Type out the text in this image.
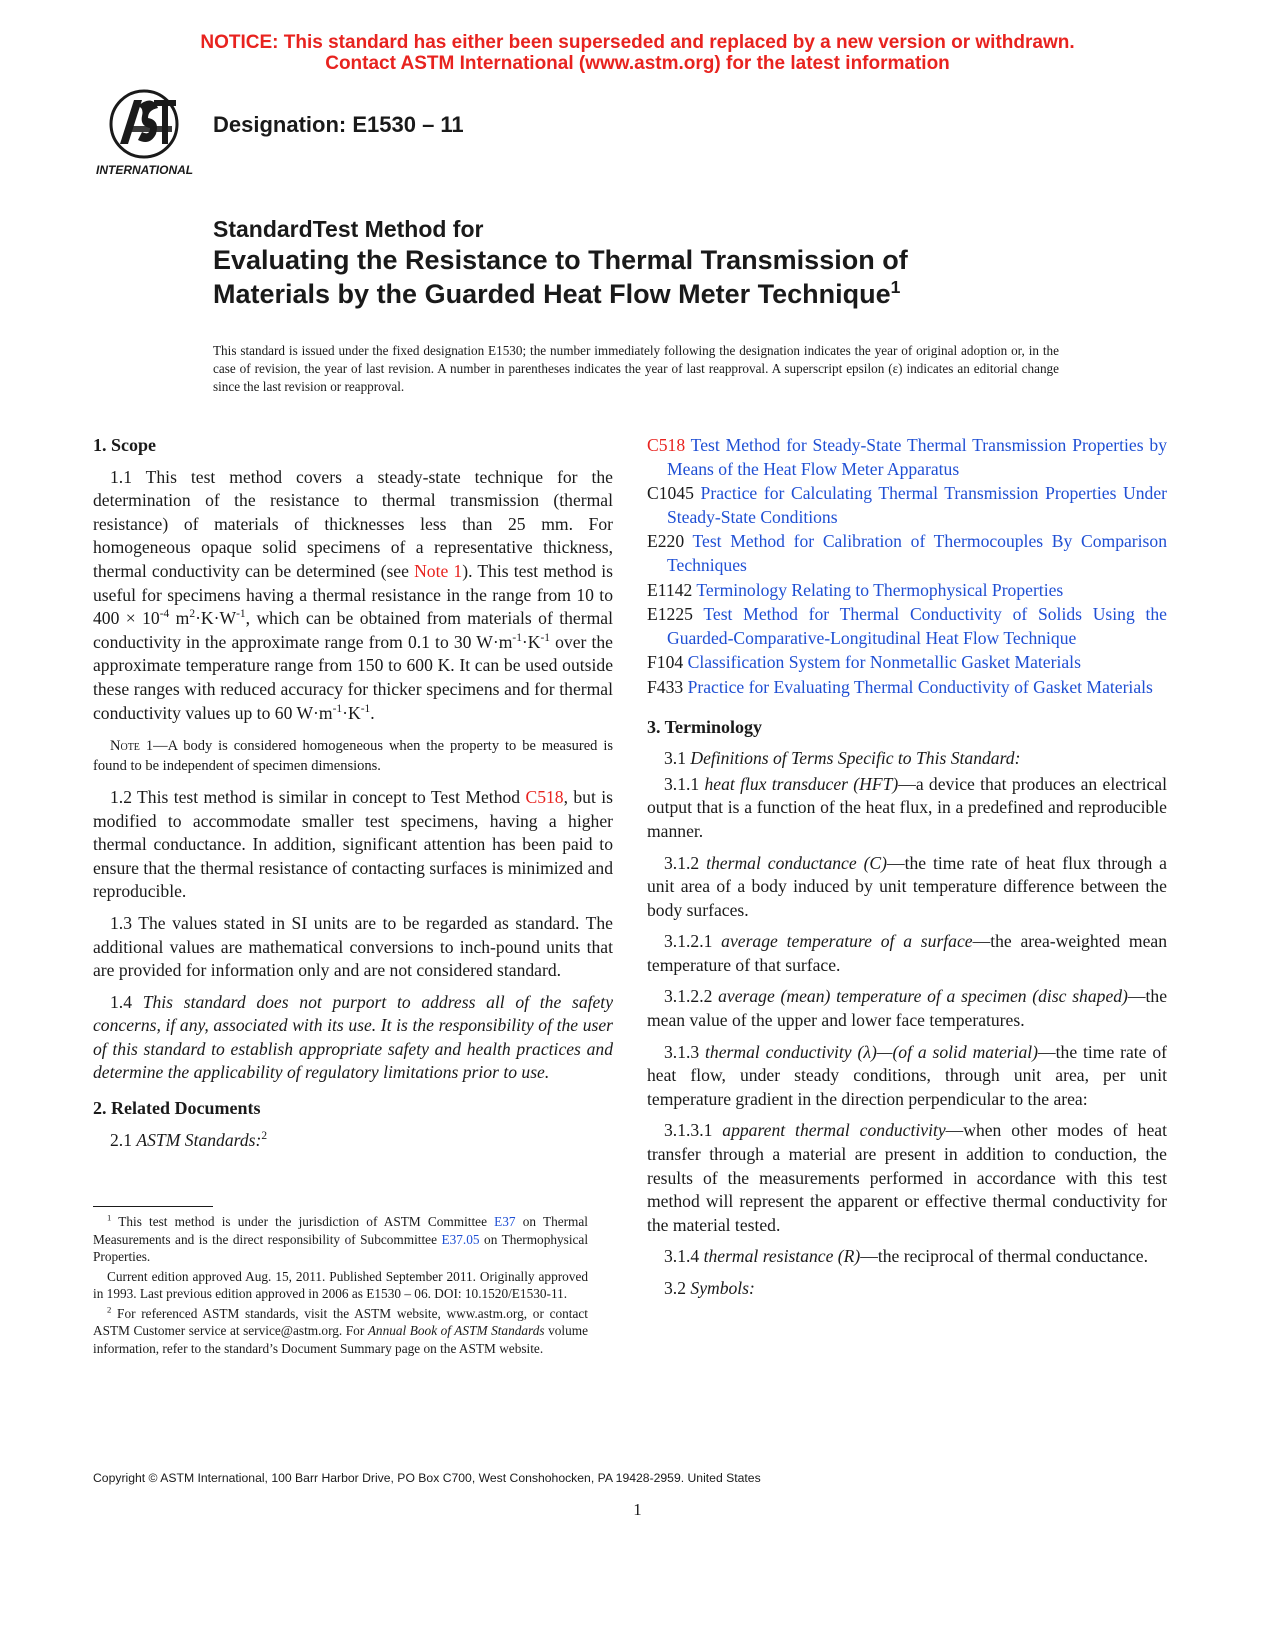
NOTICE: This standard has either been superseded and replaced by a new version or withdrawn.
Contact ASTM International (www.astm.org) for the latest information
INTERNATIONAL
Designation: E1530 – 11
StandardTest Method for
Evaluating the Resistance to Thermal Transmission of
Materials by the Guarded Heat Flow Meter Technique$^1$
This standard is issued under the fixed designation E1530; the number immediately following the designation indicates the year of original adoption or, in the case of revision, the year of last revision. A number in parentheses indicates the year of last reapproval. A superscript epsilon (ε) indicates an editorial change since the last revision or reapproval.
1. Scope

1.1 This test method covers a steady-state technique for the determination of the resistance to thermal transmission (thermal resistance) of materials of thicknesses less than 25 mm. For homogeneous opaque solid specimens of a representative thickness, thermal conductivity can be determined (see Note 1). This test method is useful for specimens having a thermal resistance in the range from 10 to $400 \times 10^{-4}$ $m^2\cdot K\cdot W^{-1}$, which can be obtained from materials of thermal conductivity in the approximate range from 0.1 to 30 $W\cdot m^{-1}\cdot K^{-1}$ over the approximate temperature range from 150 to 600 K. It can be used outside these ranges with reduced accuracy for thicker specimens and for thermal conductivity values up to 60 $W\cdot m^{-1}\cdot K^{-1}$.

Note 1—A body is considered homogeneous when the property to be measured is found to be independent of specimen dimensions.

1.2 This test method is similar in concept to Test Method C518, but is modified to accommodate smaller test specimens, having a higher thermal conductance. In addition, significant attention has been paid to ensure that the thermal resistance of contacting surfaces is minimized and reproducible.

1.3 The values stated in SI units are to be regarded as standard. The additional values are mathematical conversions to inch-pound units that are provided for information only and are not considered standard.

1.4 This standard does not purport to address all of the safety concerns, if any, associated with its use. It is the responsibility of the user of this standard to establish appropriate safety and health practices and determine the applicability of regulatory limitations prior to use.

2. Related Documents

2.1 ASTM Standards:$^2$

$^1$ This test method is under the jurisdiction of ASTM Committee E37 on Thermal Measurements and is the direct responsibility of Subcommittee E37.05 on Thermophysical Properties.

Current edition approved Aug. 15, 2011. Published September 2011. Originally approved in 1993. Last previous edition approved in 2006 as E1530 – 06. DOI: 10.1520/E1530-11.

$^2$ For referenced ASTM standards, visit the ASTM website, www.astm.org, or contact ASTM Customer service at service@astm.org. For Annual Book of ASTM Standards volume information, refer to the standard’s Document Summary page on the ASTM website.

C518 Test Method for Steady-State Thermal Transmission Properties by Means of the Heat Flow Meter Apparatus

C1045 Practice for Calculating Thermal Transmission Properties Under Steady-State Conditions

E220 Test Method for Calibration of Thermocouples By Comparison Techniques

E1142 Terminology Relating to Thermophysical Properties

E1225 Test Method for Thermal Conductivity of Solids Using the Guarded-Comparative-Longitudinal Heat Flow Technique

F104 Classification System for Nonmetallic Gasket Materials

F433 Practice for Evaluating Thermal Conductivity of Gasket Materials

3. Terminology

3.1 Definitions of Terms Specific to This Standard:

3.1.1 heat flux transducer (HFT)—a device that produces an electrical output that is a function of the heat flux, in a predefined and reproducible manner.

3.1.2 thermal conductance (C)—the time rate of heat flux through a unit area of a body induced by unit temperature difference between the body surfaces.

3.1.2.1 average temperature of a surface—the area-weighted mean temperature of that surface.

3.1.2.2 average (mean) temperature of a specimen (disc shaped)—the mean value of the upper and lower face temperatures.

3.1.3 thermal conductivity (λ)—(of a solid material)—the time rate of heat flow, under steady conditions, through unit area, per unit temperature gradient in the direction perpendicular to the area:

3.1.3.1 apparent thermal conductivity—when other modes of heat transfer through a material are present in addition to conduction, the results of the measurements performed in accordance with this test method will represent the apparent or effective thermal conductivity for the material tested.

3.1.4 thermal resistance (R)—the reciprocal of thermal conductance.

3.2 Symbols:

Copyright © ASTM International, 100 Barr Harbor Drive, PO Box C700, West Conshohocken, PA 19428-2959. United States
1
